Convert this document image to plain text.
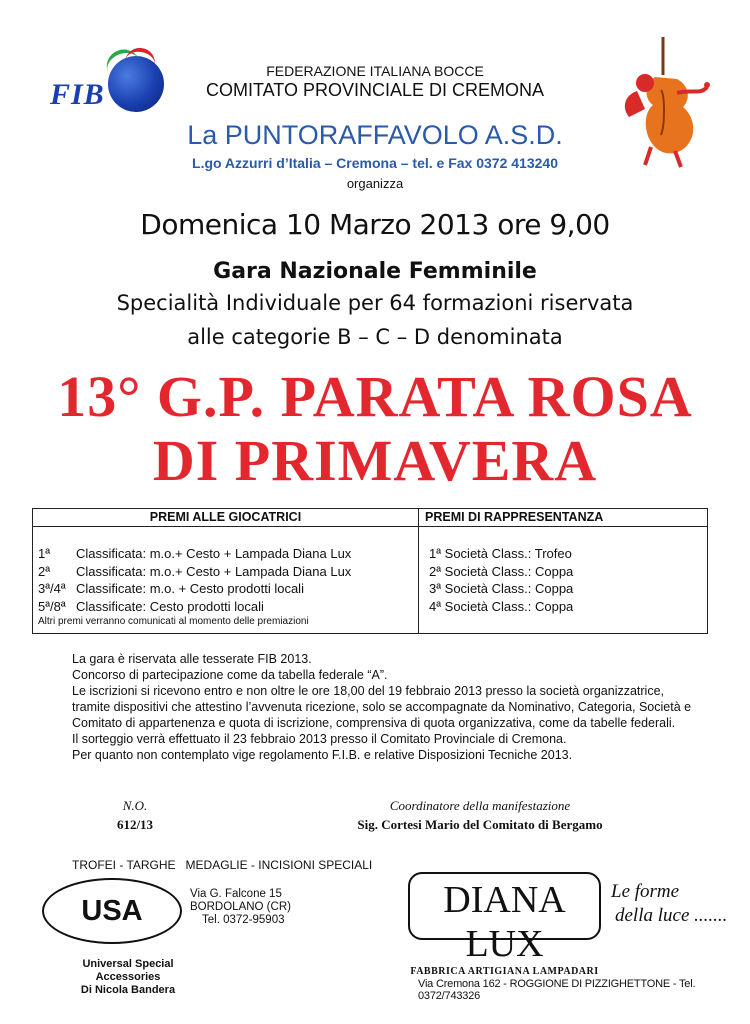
FIB
FEDERAZIONE ITALIANA BOCCE
COMITATO PROVINCIALE DI CREMONA
La PUNTORAFFAVOLO A.S.D.
L.go Azzurri d’Italia – Cremona – tel. e Fax 0372 413240
organizza
Domenica 10 Marzo 2013 ore 9,00
Gara Nazionale Femminile
Specialità Individuale per 64 formazioni riservata
alle categorie B – C – D denominata
13° G.P. PARATA ROSA
DI PRIMAVERA
PREMI ALLE GIOCATRICI	PREMI DI RAPPRESENTANZA
1ª Classificata: m.o.+ Cesto + Lampada Diana Lux
2ª Classificata: m.o.+ Cesto + Lampada Diana Lux
3ª/4ª Classificate: m.o. + Cesto prodotti locali
5ª/8ª Classificate: Cesto prodotti locali
Altri premi verranno comunicati al momento delle premiazioni
1ª Società Class.: Trofeo
2ª Società Class.: Coppa
3ª Società Class.: Coppa
4ª Società Class.: Coppa

La gara è riservata alle tesserate FIB 2013.

Concorso di partecipazione come da tabella federale “A”.

Le iscrizioni si ricevono entro e non oltre le ore 18,00 del 19 febbraio 2013 presso la società organizzatrice, tramite dispositivi che attestino l’avvenuta ricezione, solo se accompagnate da Nominativo, Categoria, Società e Comitato di appartenenza e quota di iscrizione, comprensiva di quota organizzativa, come da tabelle federali.

Il sorteggio verrà effettuato il 23 febbraio 2013 presso il Comitato Provinciale di Cremona.

Per quanto non contemplato vige regolamento F.I.B. e relative Disposizioni Tecniche 2013.

N.O.
612/13
Coordinatore della manifestazione
Sig. Cortesi Mario del Comitato di Bergamo
TROFEI - TARGHE   MEDAGLIE - INCISIONI SPECIALI
USA
Via G. Falcone 15
BORDOLANO (CR)
Tel. 0372-95903
Universal Special Accessories
Di Nicola Bandera
DIANA LUX
FABBRICA ARTIGIANA LAMPADARI
Le forme
della luce .......
Via Cremona 162 - ROGGIONE DI PIZZIGHETTONE - Tel. 0372/743326
